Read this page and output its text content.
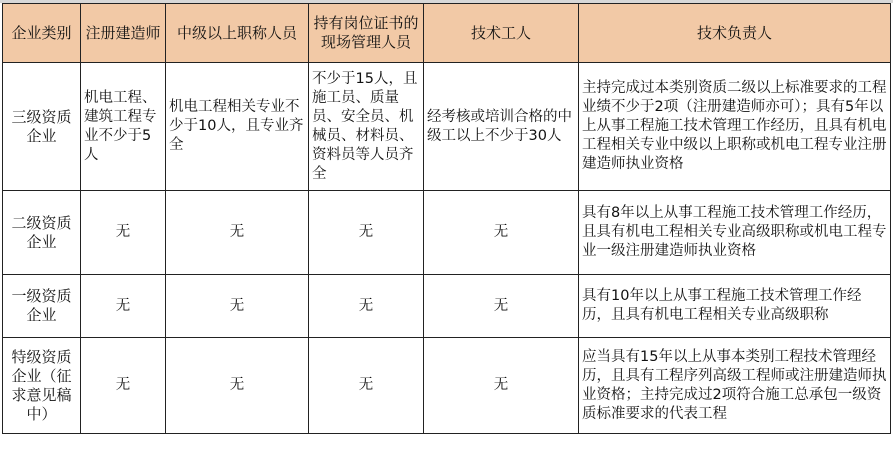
企业类别	注册建造师	中级以上职称人员	持有岗位证书的现场管理人员	技术工人	技术负责人
三级资质企业	机电工程、建筑工程专业不少于5人	机电工程相关专业不少于10人，且专业齐全	不少于15人，且施工员、质量员、安全员、机械员、材料员、资料员等人员齐全	经考核或培训合格的中级工以上不少于30人	主持完成过本类别资质二级以上标准要求的工程业绩不少于2项（注册建造师亦可）；具有5年以上从事工程施工技术管理工作经历，且具有机电工程相关专业中级以上职称或机电工程专业注册建造师执业资格
二级资质企业	无	无	无	无	具有8年以上从事工程施工技术管理工作经历，且具有机电工程相关专业高级职称或机电工程专业一级注册建造师执业资格
一级资质企业	无	无	无	无	具有10年以上从事工程施工技术管理工作经历，且具有机电工程相关专业高级职称
特级资质企业（征求意见稿中）	无	无	无	无	应当具有15年以上从事本类别工程技术管理经历，且具有工程序列高级工程师或注册建造师执业资格；主持完成过2项符合施工总承包一级资质标准要求的代表工程
